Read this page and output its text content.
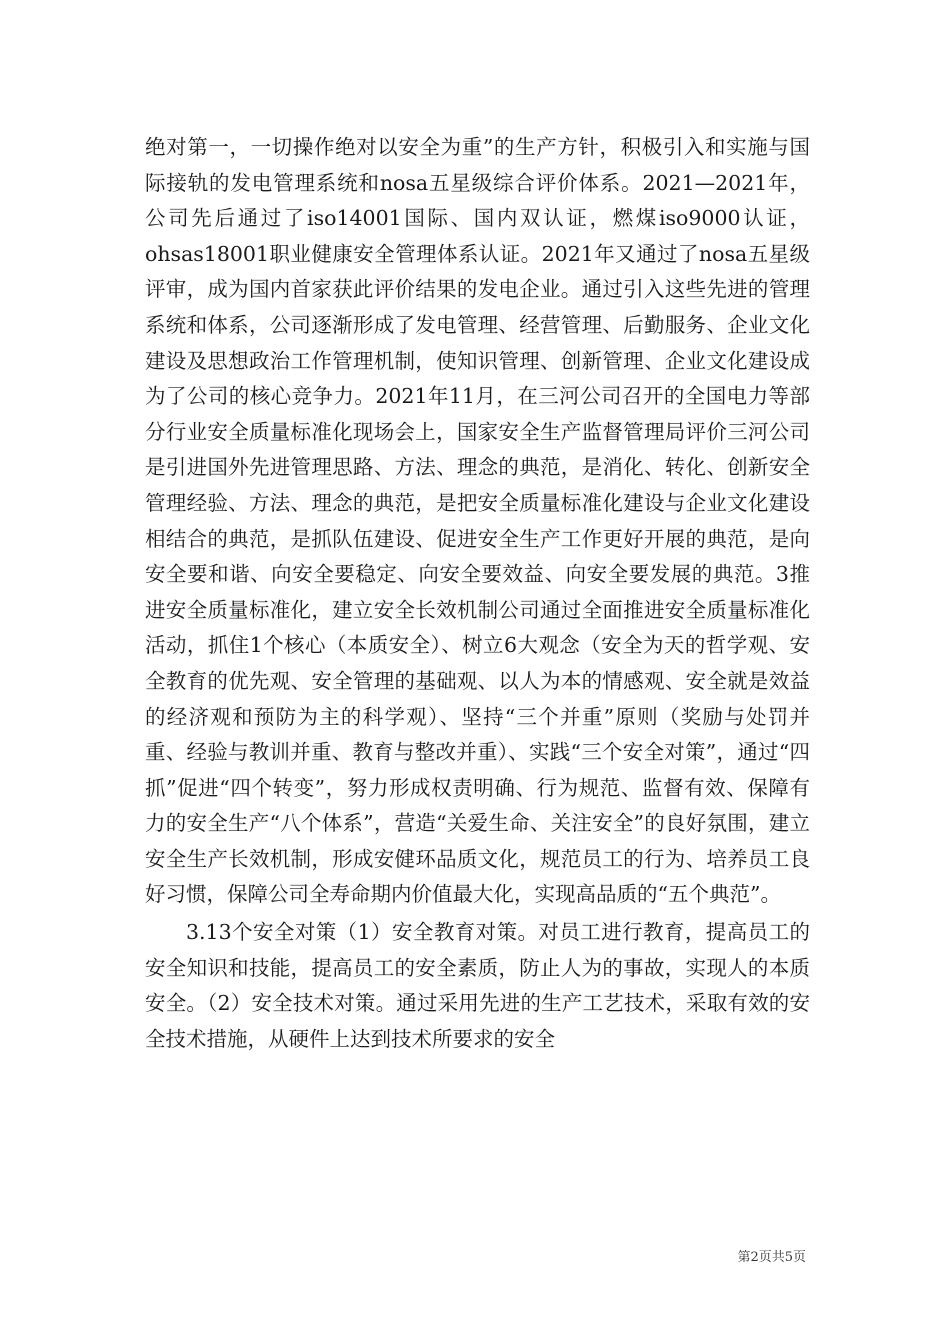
绝对第一，一切操作绝对以安全为重”的生产方针，积极引入和实施与国际接轨的发电管理系统和nosa五星级综合评价体系。2021—2021年，公司先后通过了iso14001国际、国内双认证，燃煤iso9000认证，ohsas18001职业健康安全管理体系认证。2021年又通过了nosa五星级评审，成为国内首家获此评价结果的发电企业。通过引入这些先进的管理系统和体系，公司逐渐形成了发电管理、经营管理、后勤服务、企业文化建设及思想政治工作管理机制，使知识管理、创新管理、企业文化建设成为了公司的核心竞争力。2021年11月，在三河公司召开的全国电力等部分行业安全质量标准化现场会上，国家安全生产监督管理局评价三河公司是引进国外先进管理思路、方法、理念的典范，是消化、转化、创新安全管理经验、方法、理念的典范，是把安全质量标准化建设与企业文化建设相结合的典范，是抓队伍建设、促进安全生产工作更好开展的典范，是向安全要和谐、向安全要稳定、向安全要效益、向安全要发展的典范。3推进安全质量标准化，建立安全长效机制公司通过全面推进安全质量标准化活动，抓住1个核心（本质安全）、树立6大观念（安全为天的哲学观、安全教育的优先观、安全管理的基础观、以人为本的情感观、安全就是效益的经济观和预防为主的科学观）、坚持“三个并重”原则（奖励与处罚并重、经验与教训并重、教育与整改并重）、实践“三个安全对策”，通过“四抓”促进“四个转变”，努力形成权责明确、行为规范、监督有效、保障有力的安全生产“八个体系”，营造“关爱生命、关注安全”的良好氛围，建立安全生产长效机制，形成安健环品质文化，规范员工的行为、培养员工良好习惯，保障公司全寿命期内价值最大化，实现高品质的“五个典范”。

3.13个安全对策（1）安全教育对策。对员工进行教育，提高员工的安全知识和技能，提高员工的安全素质，防止人为的事故，实现人的本质安全。（2）安全技术对策。通过采用先进的生产工艺技术，采取有效的安全技术措施，从硬件上达到技术所要求的安全

第2页共5页
